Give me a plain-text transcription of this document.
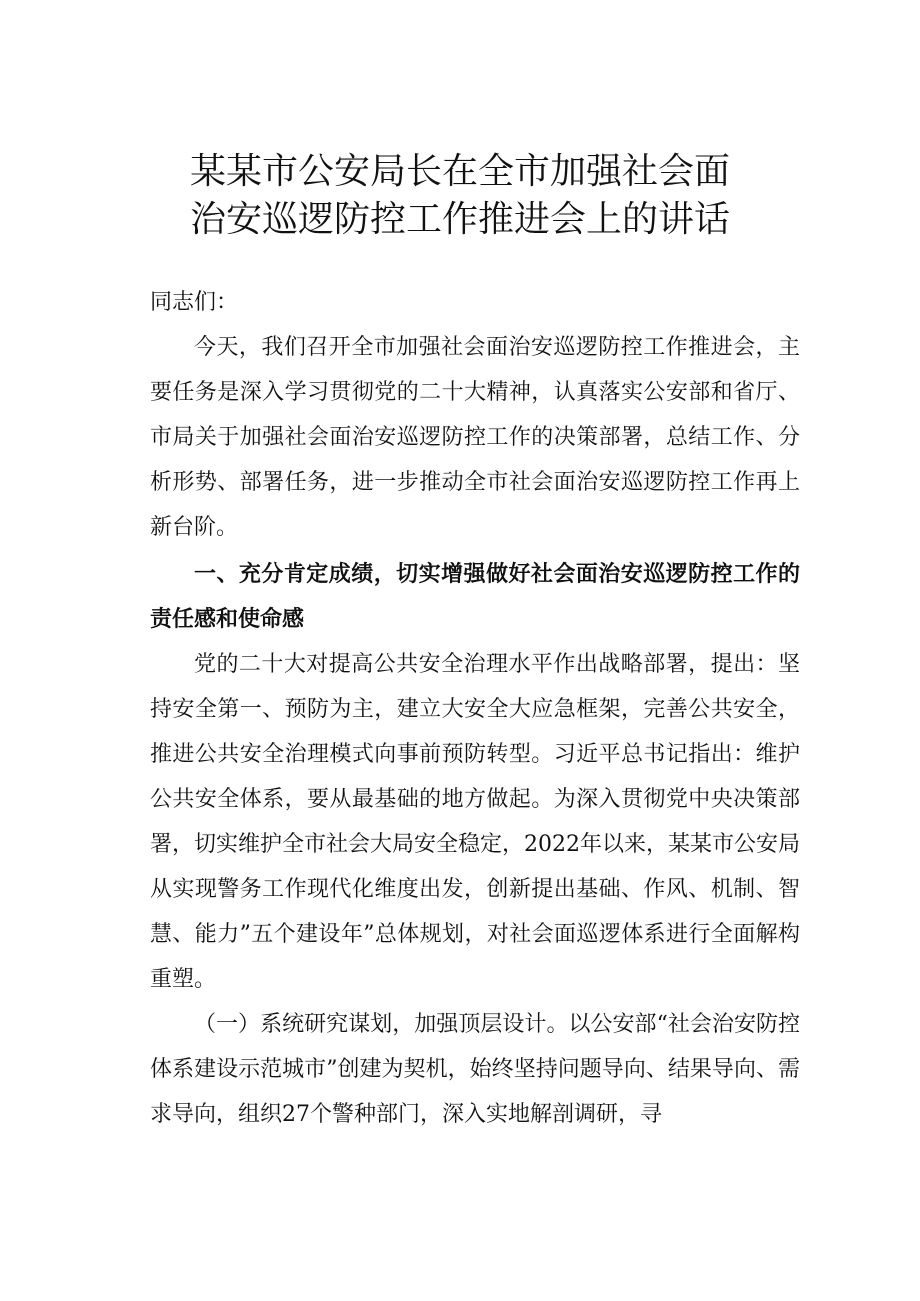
某某市公安局长在全市加强社会面
治安巡逻防控工作推进会上的讲话

同志们：

今天，我们召开全市加强社会面治安巡逻防控工作推进会，主要任务是深入学习贯彻党的二十大精神，认真落实公安部和省厅、市局关于加强社会面治安巡逻防控工作的决策部署，总结工作、分析形势、部署任务，进一步推动全市社会面治安巡逻防控工作再上新台阶。

一、充分肯定成绩，切实增强做好社会面治安巡逻防控工作的责任感和使命感

党的二十大对提高公共安全治理水平作出战略部署，提出：坚持安全第一、预防为主，建立大安全大应急框架，完善公共安全，推进公共安全治理模式向事前预防转型。习近平总书记指出：维护公共安全体系，要从最基础的地方做起。为深入贯彻党中央决策部署，切实维护全市社会大局安全稳定，2022年以来，某某市公安局从实现警务工作现代化维度出发，创新提出基础、作风、机制、智慧、能力”五个建设年”总体规划，对社会面巡逻体系进行全面解构重塑。

（一）系统研究谋划，加强顶层设计。以公安部“社会治安防控体系建设示范城市”创建为契机，始终坚持问题导向、结果导向、需求导向，组织27个警种部门，深入实地解剖调研，寻
